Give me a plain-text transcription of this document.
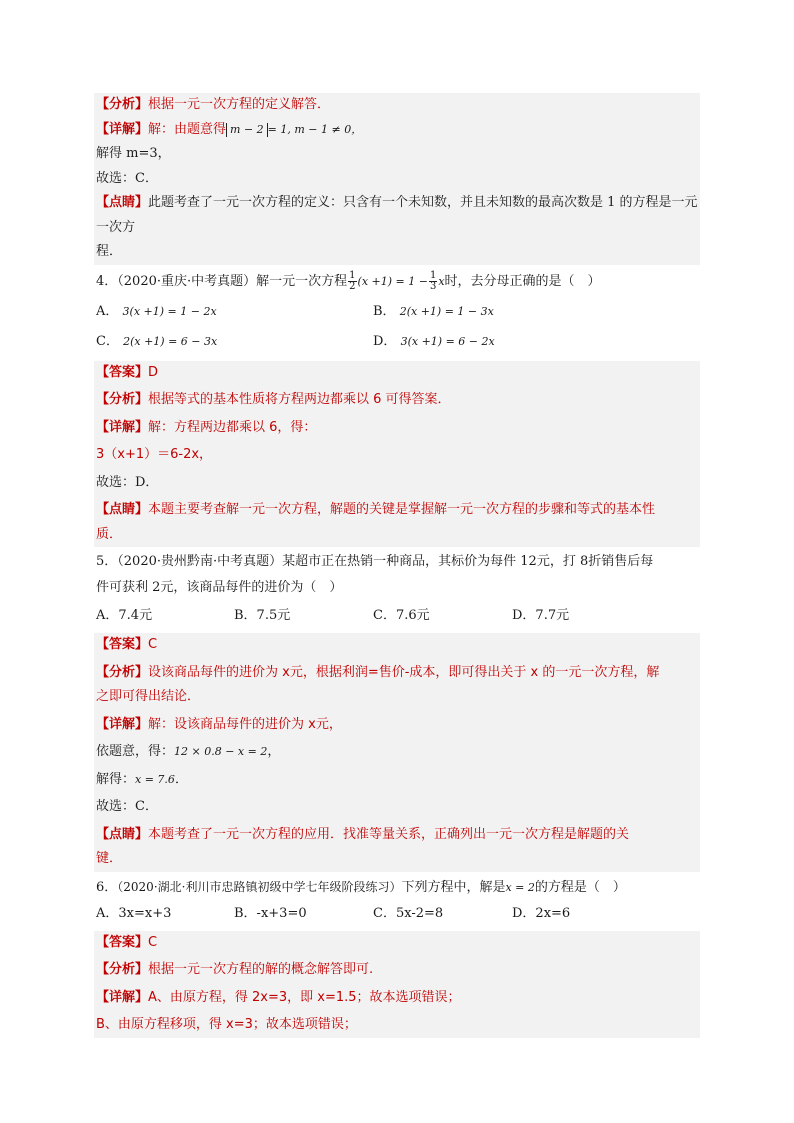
【分析】根据一元一次方程的定义解答．
【详解】解：由题意得 m − 2 = 1, m − 1 ≠ 0，
解得 m=3，
故选：C．
【点睛】此题考查了一元一次方程的定义：只含有一个未知数，并且未知数的最高次数是 1 的方程是一元一次方
程．
4．（2020·重庆·中考真题）解一元一次方程 $\frac{1}{2} (x +1) = 1 - \frac{1}{3}$ x时，去分母正确的是（　）
A． 3(x +1) = 1 − 2x	B． 2(x +1) = 1 − 3x
C． 2(x +1) = 6 − 3x	D． 3(x +1) = 6 − 2x
【答案】D
【分析】根据等式的基本性质将方程两边都乘以 6 可得答案．
【详解】解：方程两边都乘以 6，得：
3（x+1）＝6-2x，
故选：D．
【点睛】本题主要考查解一元一次方程，解题的关键是掌握解一元一次方程的步骤和等式的基本性
质．
5．（2020·贵州黔南·中考真题）某超市正在热销一种商品，其标价为每件 12元，打 8折销售后每
件可获利 2元，该商品每件的进价为（　）
A．7.4元	B．7.5元	C．7.6元	D．7.7元
【答案】C
【分析】设该商品每件的进价为 x元，根据利润=售价-成本，即可得出关于 x 的一元一次方程，解
之即可得出结论．
【详解】解：设该商品每件的进价为 x元，
依题意，得：12 × 0.8 − x = 2，
解得：x = 7.6．
故选：C．
【点睛】本题考查了一元一次方程的应用．找准等量关系，正确列出一元一次方程是解题的关
键．
6．（2020·湖北·利川市忠路镇初级中学七年级阶段练习）下列方程中，解是x = 2的方程是（　）
A．3x=x+3	B．-x+3=0	C．5x-2=8	D．2x=6
【答案】C
【分析】根据一元一次方程的解的概念解答即可.
【详解】A、由原方程，得 2x=3，即 x=1.5；故本选项错误；
B、由原方程移项，得 x=3；故本选项错误；
